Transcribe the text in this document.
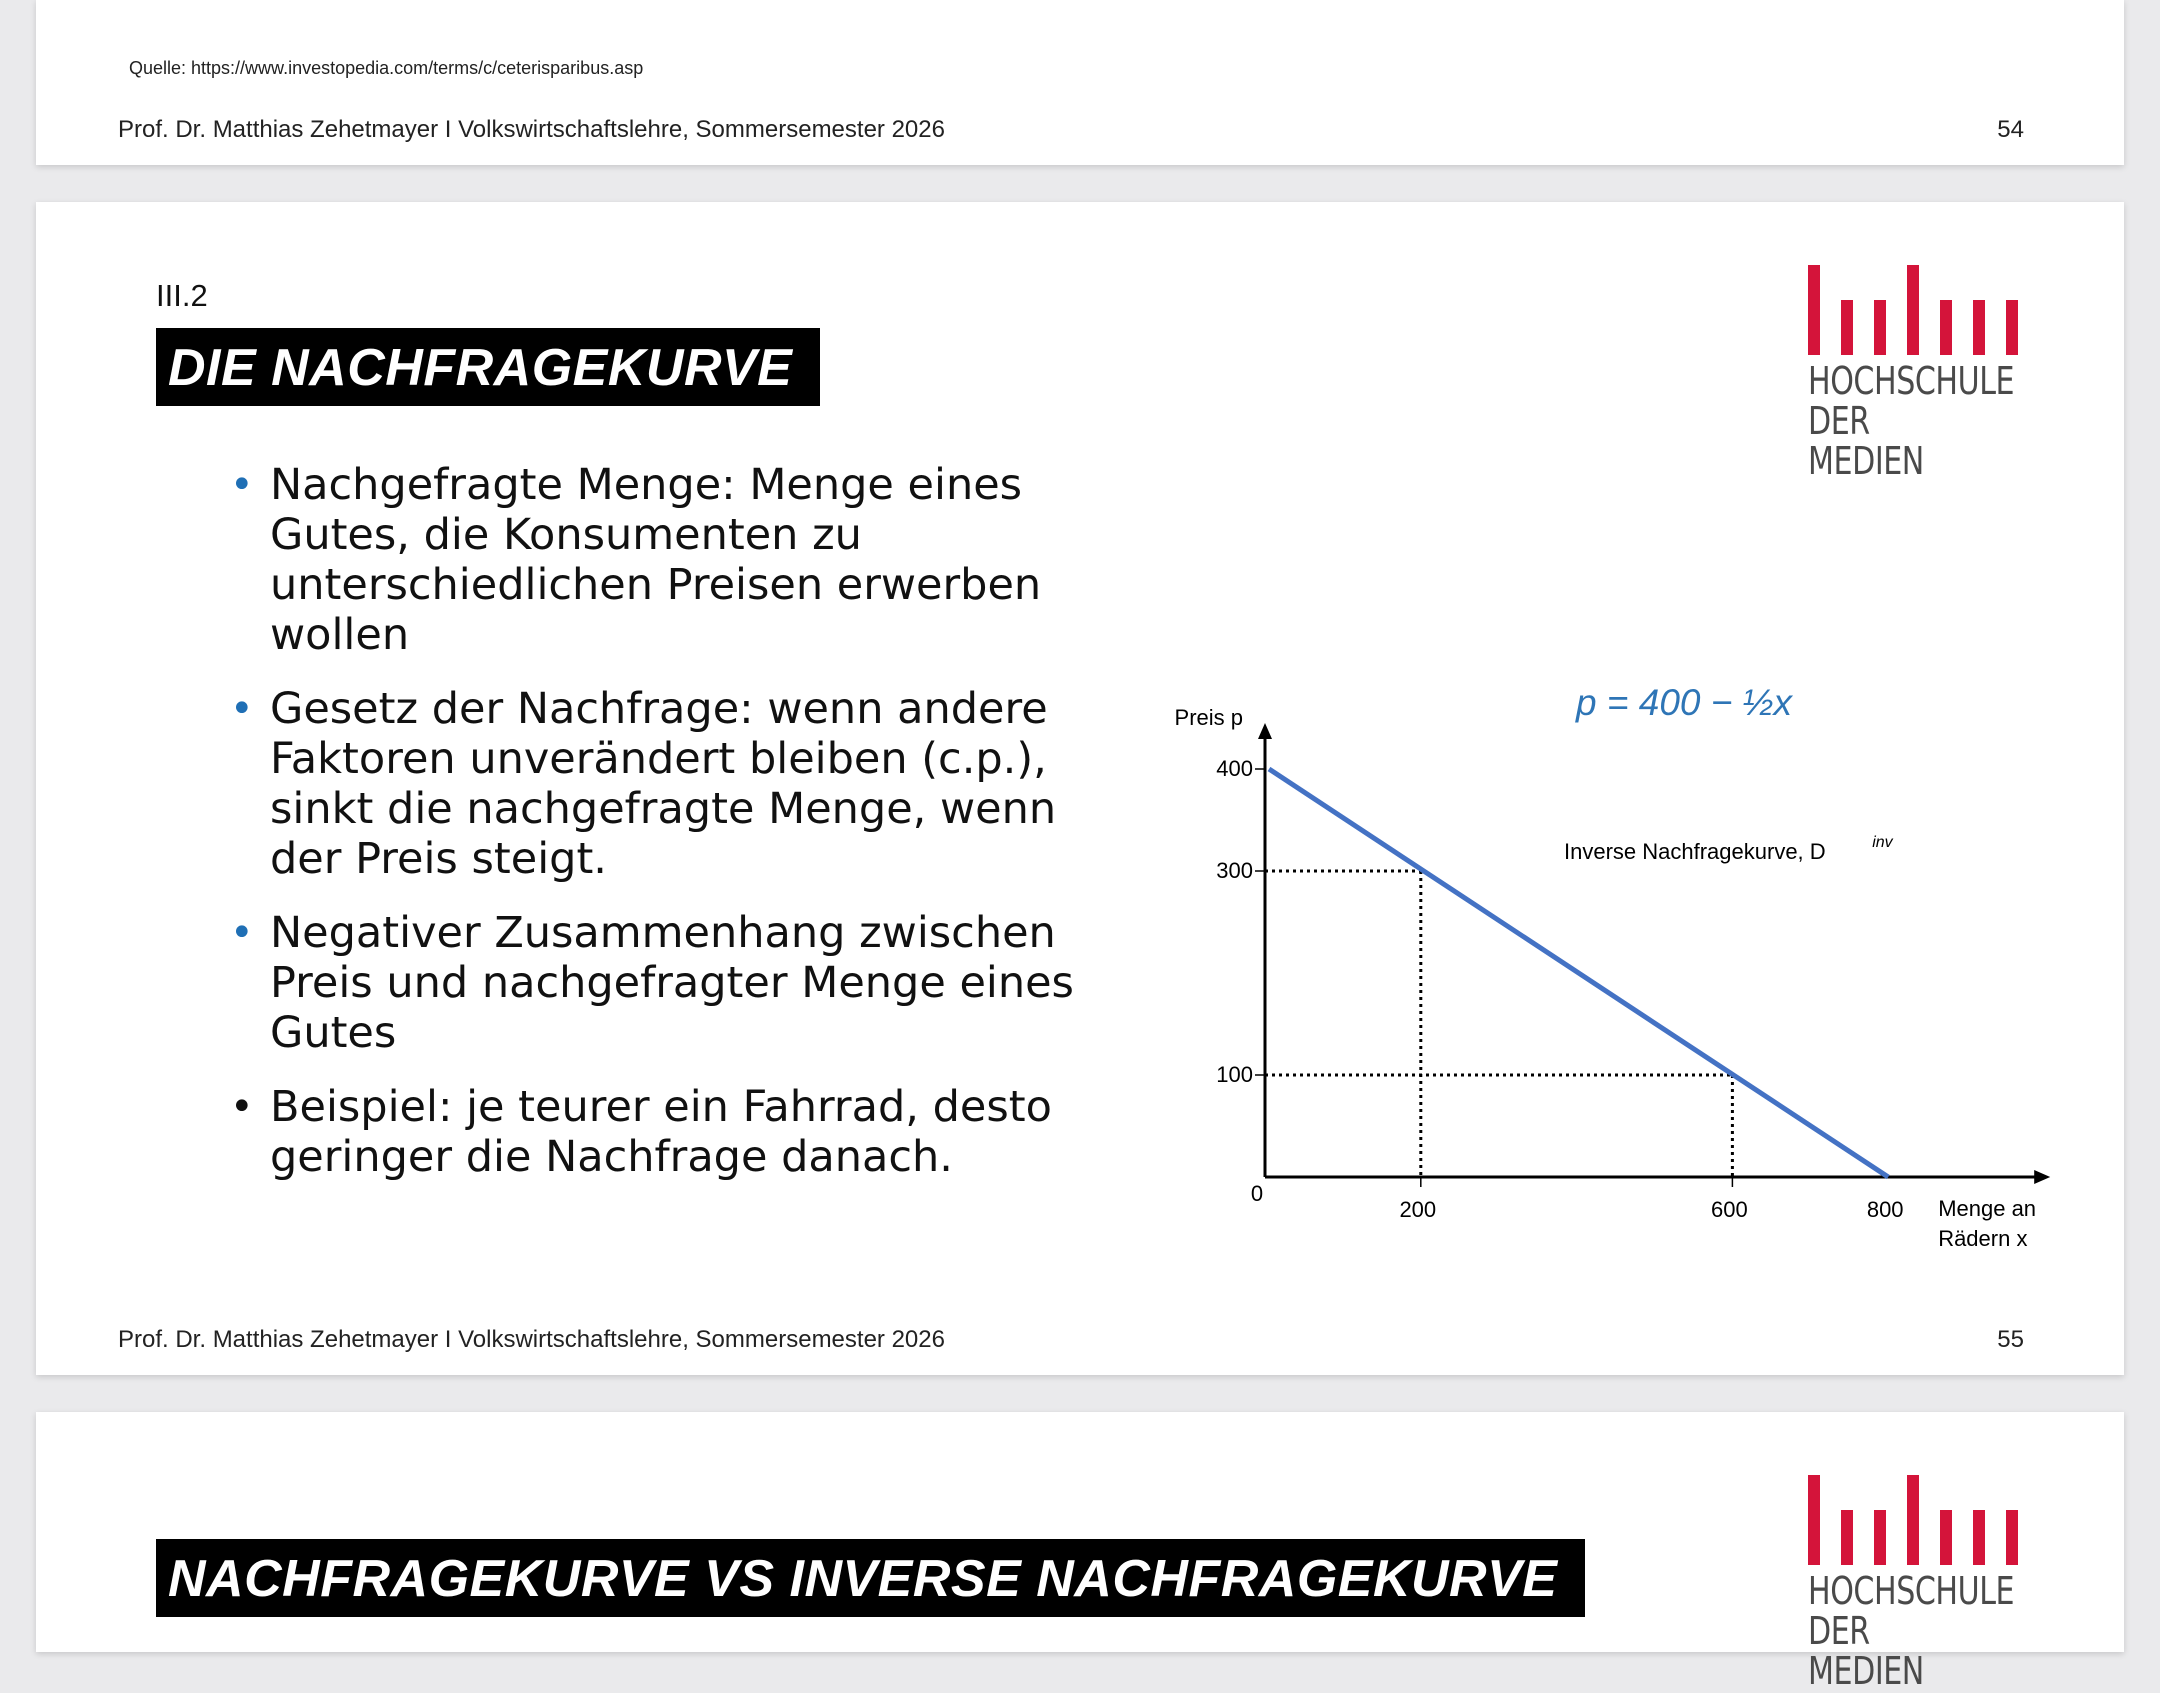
Quelle: https://www.investopedia.com/terms/c/ceterisparibus.asp
Prof. Dr. Matthias Zehetmayer I Volkswirtschaftslehre, Sommersemester 2026	54
III.2
DIE NACHFRAGEKURVE	HOCHSCHULE
DER MEDIEN
• Nachgefragte Menge: Menge eines Gutes, die Konsumenten zu unterschiedlichen Preisen erwerben wollen
• Gesetz der Nachfrage: wenn andere Faktoren unverändert bleiben (c.p.), sinkt die nachgefragte Menge, wenn der Preis steigt.
• Negativer Zusammenhang zwischen Preis und nachgefragter Menge eines Gutes
• Beispiel: je teurer ein Fahrrad, desto geringer die Nachfrage danach.
100
300
400
200	600	800
0
Preis p
Menge an
Rädern x
p = 400 − ½x
Inverse Nachfragekurve, D	inv
Prof. Dr. Matthias Zehetmayer I Volkswirtschaftslehre, Sommersemester 2026	55
NACHFRAGEKURVE VS INVERSE NACHFRAGEKURVE	HOCHSCHULE
DER MEDIEN
